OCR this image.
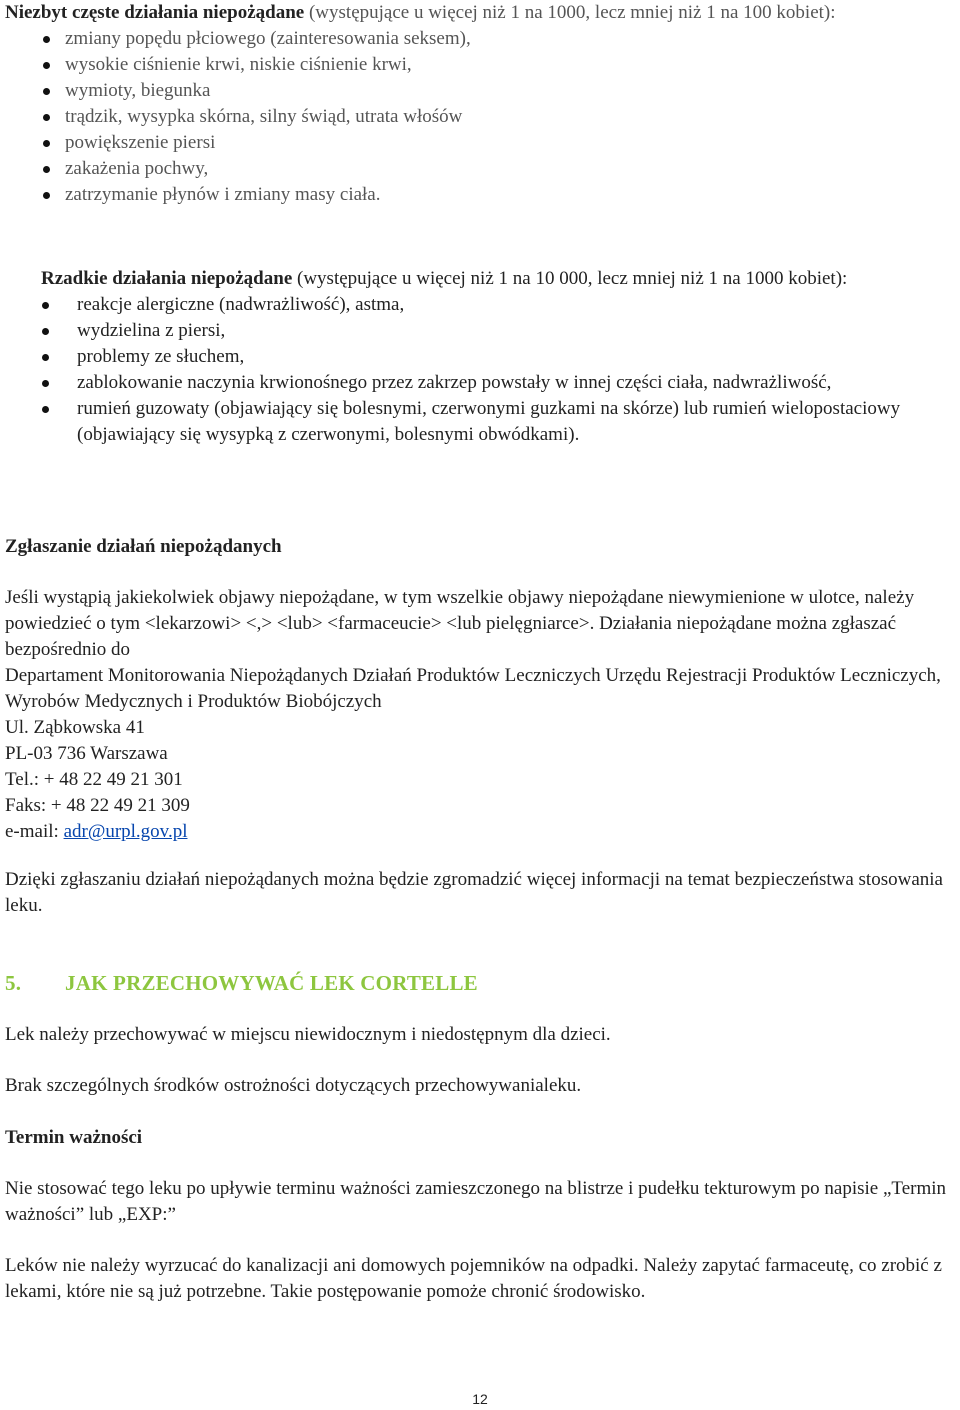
Niezbyt częste działania niepożądane (występujące u więcej niż 1 na 1000, lecz mniej niż 1 na 100 kobiet):

zmiany popędu płciowego (zainteresowania seksem),
wysokie ciśnienie krwi, niskie ciśnienie krwi,
wymioty, biegunka
trądzik, wysypka skórna, silny świąd, utrata włośów
powiększenie piersi
zakażenia pochwy,
zatrzymanie płynów i zmiany masy ciała.

Rzadkie działania niepożądane (występujące u więcej niż 1 na 10 000, lecz mniej niż 1 na 1000 kobiet):

reakcje alergiczne (nadwrażliwość), astma,
wydzielina z piersi,
problemy ze słuchem,
zablokowanie naczynia krwionośnego przez zakrzep powstały w innej części ciała, nadwrażliwość,
rumień guzowaty (objawiający się bolesnymi, czerwonymi guzkami na skórze) lub rumień wielopostaciowy (objawiający się wysypką z czerwonymi, bolesnymi obwódkami).
Zgłaszanie działań niepożądanych

Jeśli wystąpią jakiekolwiek objawy niepożądane, w tym wszelkie objawy niepożądane niewymienione w ulotce, należy powiedzieć o tym <lekarzowi> <,> <lub> <farmaceucie> <lub pielęgniarce>. Działania niepożądane można zgłaszać bezpośrednio do

Departament Monitorowania Niepożądanych Działań Produktów Leczniczych Urzędu Rejestracji Produktów Leczniczych, Wyrobów Medycznych i Produktów Biobójczych

Ul. Ząbkowska 41

PL-03 736 Warszawa

Tel.: + 48 22 49 21 301

Faks: + 48 22 49 21 309

e-mail: adr@urpl.gov.pl

Dzięki zgłaszaniu działań niepożądanych można będzie zgromadzić więcej informacji na temat bezpieczeństwa stosowania leku.

5. JAK PRZECHOWYWAĆ LEK CORTELLE

Lek należy przechowywać w miejscu niewidocznym i niedostępnym dla dzieci.

Brak szczególnych środków ostrożności dotyczących przechowywanialeku.

Termin ważności

Nie stosować tego leku po upływie terminu ważności zamieszczonego na blistrze i pudełku tekturowym po napisie „Termin ważności” lub „EXP:”

Leków nie należy wyrzucać do kanalizacji ani domowych pojemników na odpadki. Należy zapytać farmaceutę, co zrobić z lekami, które nie są już potrzebne. Takie postępowanie pomoże chronić środowisko.

12
